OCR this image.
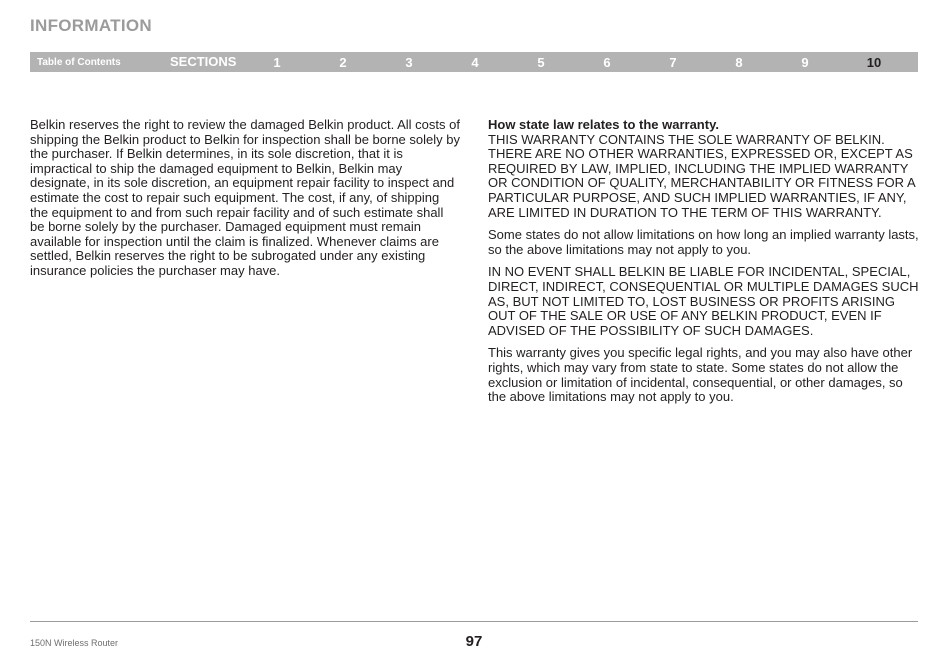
INFORMATION
Table of Contents	SECTIONS	1	2	3	4	5	6	7	8	9	10

Belkin reserves the right to review the damaged Belkin product. All costs of shipping the Belkin product to Belkin for inspection shall be borne solely by the purchaser. If Belkin determines, in its sole discretion, that it is impractical to ship the damaged equipment to Belkin, Belkin may designate, in its sole discretion, an equipment repair facility to inspect and estimate the cost to repair such equipment. The cost, if any, of shipping the equipment to and from such repair facility and of such estimate shall be borne solely by the purchaser. Damaged equipment must remain available for inspection until the claim is finalized. Whenever claims are settled, Belkin reserves the right to be subrogated under any existing insurance policies the purchaser may have.

How state law relates to the warranty.
THIS WARRANTY CONTAINS THE SOLE WARRANTY OF BELKIN. THERE ARE NO OTHER WARRANTIES, EXPRESSED OR, EXCEPT AS REQUIRED BY LAW, IMPLIED, INCLUDING THE IMPLIED WARRANTY OR CONDITION OF QUALITY, MERCHANTABILITY OR FITNESS FOR A PARTICULAR PURPOSE, AND SUCH IMPLIED WARRANTIES, IF ANY, ARE LIMITED IN DURATION TO THE TERM OF THIS WARRANTY.

Some states do not allow limitations on how long an implied warranty lasts, so the above limitations may not apply to you.

IN NO EVENT SHALL BELKIN BE LIABLE FOR INCIDENTAL, SPECIAL, DIRECT, INDIRECT, CONSEQUENTIAL OR MULTIPLE DAMAGES SUCH AS, BUT NOT LIMITED TO, LOST BUSINESS OR PROFITS ARISING OUT OF THE SALE OR USE OF ANY BELKIN PRODUCT, EVEN IF ADVISED OF THE POSSIBILITY OF SUCH DAMAGES.

This warranty gives you specific legal rights, and you may also have other rights, which may vary from state to state. Some states do not allow the exclusion or limitation of incidental, consequential, or other damages, so the above limitations may not apply to you.

150N Wireless Router	97
